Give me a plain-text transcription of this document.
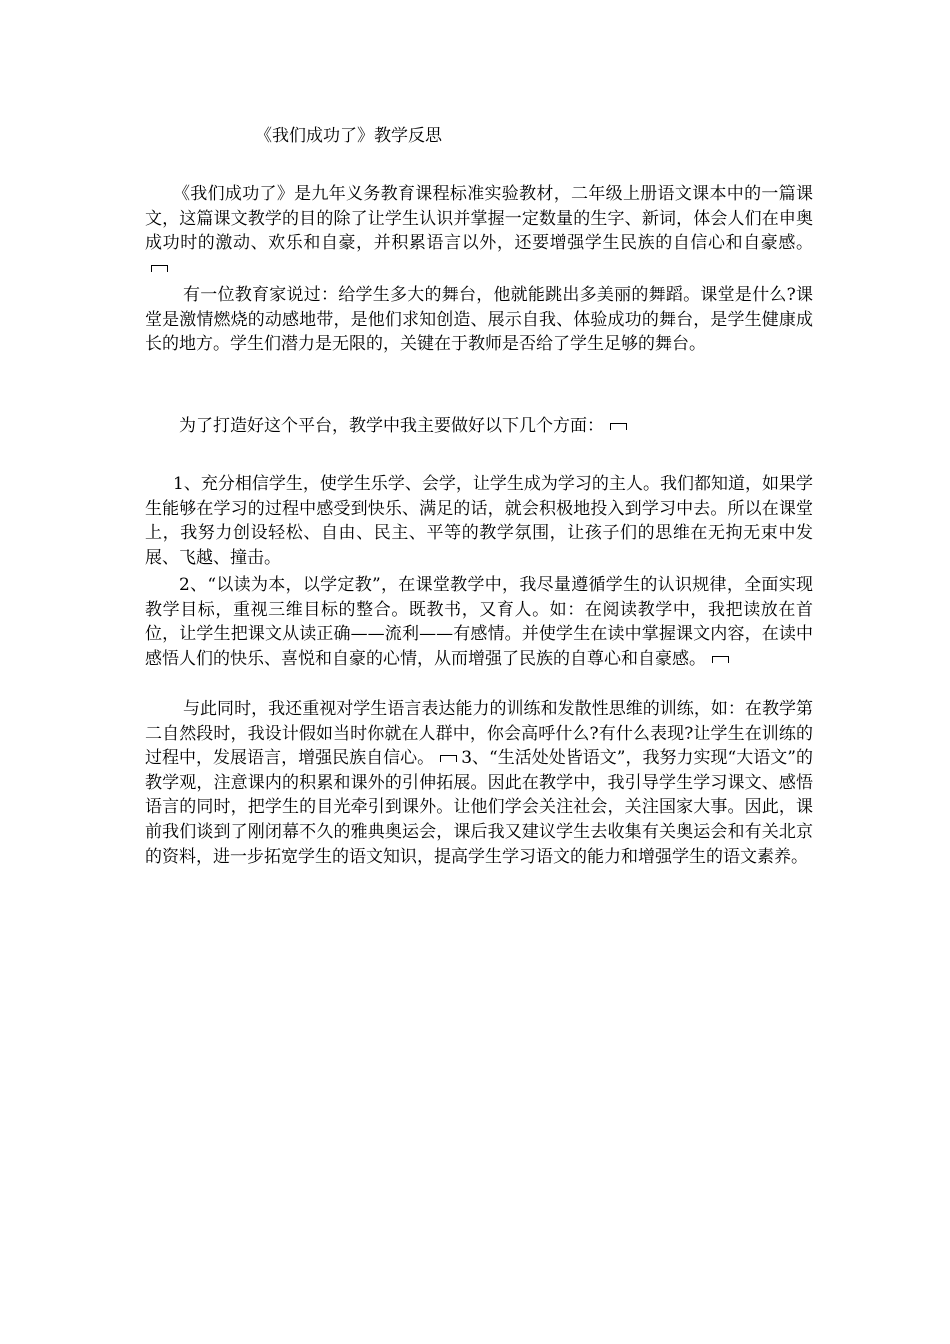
《我们成功了》教学反思
《我们成功了》是九年义务教育课程标准实验教材，二年级上册语文课本中的一篇课文，这篇课文教学的目的除了让学生认识并掌握一定数量的生字、新词，体会人们在申奥成功时的激动、欢乐和自豪，并积累语言以外，还要增强学生民族的自信心和自豪感。
有一位教育家说过：给学生多大的舞台，他就能跳出多美丽的舞蹈。课堂是什么?课堂是激情燃烧的动感地带，是他们求知创造、展示自我、体验成功的舞台，是学生健康成长的地方。学生们潜力是无限的，关键在于教师是否给了学生足够的舞台。
为了打造好这个平台，教学中我主要做好以下几个方面：
1、充分相信学生，使学生乐学、会学，让学生成为学习的主人。我们都知道，如果学生能够在学习的过程中感受到快乐、满足的话，就会积极地投入到学习中去。所以在课堂上，我努力创设轻松、自由、民主、平等的教学氛围，让孩子们的思维在无拘无束中发展、飞越、撞击。
2、“以读为本，以学定教”，在课堂教学中，我尽量遵循学生的认识规律，全面实现教学目标，重视三维目标的整合。既教书，又育人。如：在阅读教学中，我把读放在首位，让学生把课文从读正确——流利——有感情。并使学生在读中掌握课文内容，在读中感悟人们的快乐、喜悦和自豪的心情，从而增强了民族的自尊心和自豪感。
与此同时，我还重视对学生语言表达能力的训练和发散性思维的训练，如：在教学第二自然段时，我设计假如当时你就在人群中，你会高呼什么?有什么表现?让学生在训练的过程中，发展语言，增强民族自信心。 3、“生活处处皆语文”，我努力实现“大语文”的教学观，注意课内的积累和课外的引伸拓展。因此在教学中，我引导学生学习课文、感悟语言的同时，把学生的目光牵引到课外。让他们学会关注社会，关注国家大事。因此，课前我们谈到了刚闭幕不久的雅典奥运会，课后我又建议学生去收集有关奥运会和有关北京的资料，进一步拓宽学生的语文知识，提高学生学习语文的能力和增强学生的语文素养。
